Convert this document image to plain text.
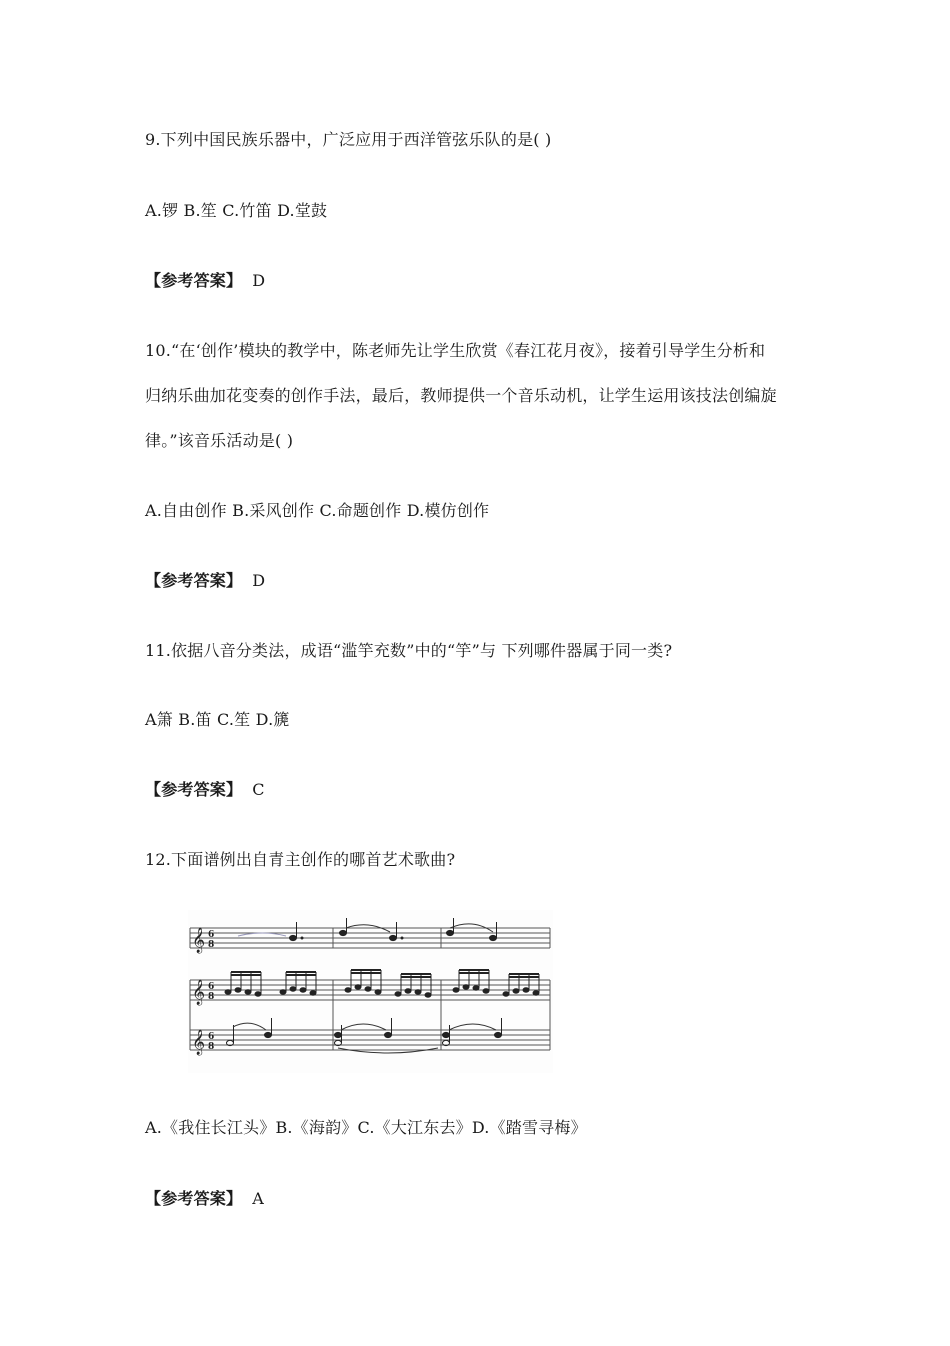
9.下列中国民族乐器中，广泛应用于西洋管弦乐队的是( )
A.锣 B.笙 C.竹笛 D.堂鼓
【参考答案】 D
10.“在‘创作’模块的教学中，陈老师先让学生欣赏《春江花月夜》，接着引导学生分析和
归纳乐曲加花变奏的创作手法，最后，教师提供一个音乐动机，让学生运用该技法创编旋
律。”该音乐活动是( )
A.自由创作 B.采风创作 C.命题创作 D.模仿创作
【参考答案】 D
11.依据八音分类法，成语“滥竽充数”中的“竽”与 下列哪件器属于同一类?
A箫 B.笛 C.笙 D.篪
【参考答案】 C
12.下面谱例出自青主创作的哪首艺术歌曲?
𝄞
𝄞
𝄞
6
8
6
8
6
8
A.《我住长江头》B.《海韵》C.《大江东去》D.《踏雪寻梅》
【参考答案】 A
